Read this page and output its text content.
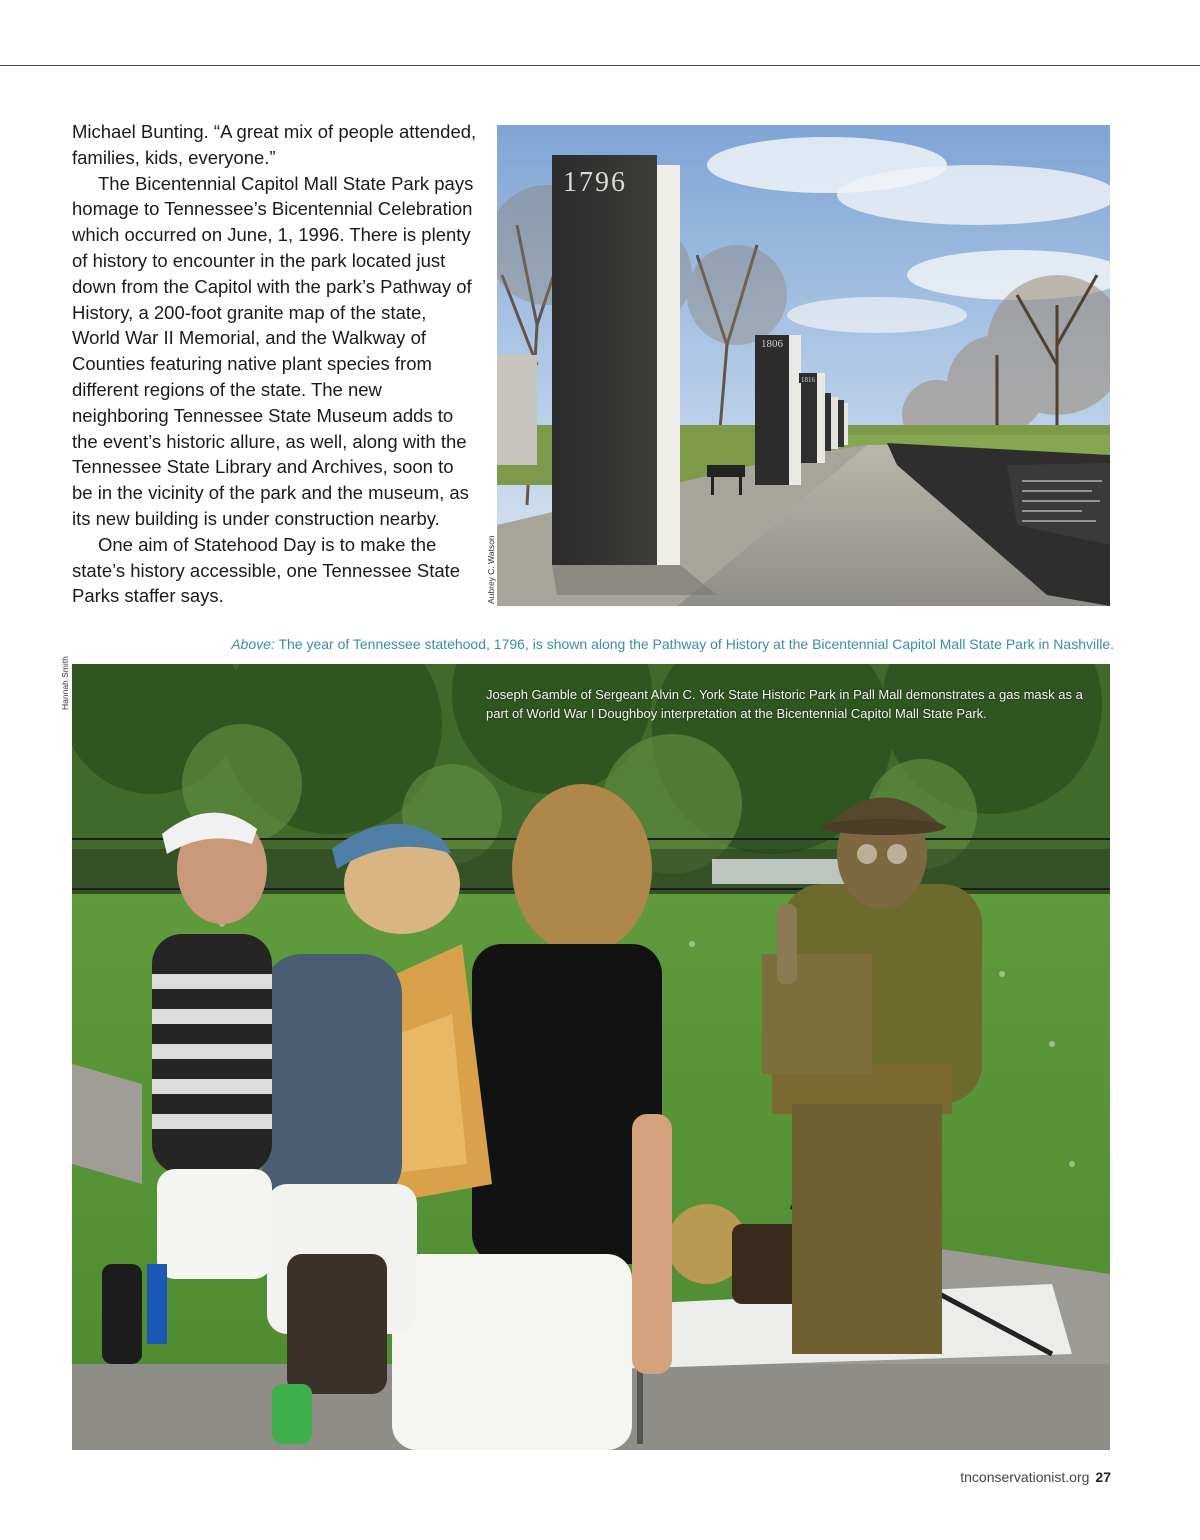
Michael Bunting. “A great mix of people attended, families, kids, everyone.”

The Bicentennial Capitol Mall State Park pays homage to Tennessee’s Bicentennial Celebration which occurred on June, 1, 1996. There is plenty of history to encounter in the park located just down from the Capitol with the park’s Pathway of History, a 200-foot granite map of the state, World War II Memorial, and the Walkway of Counties featuring native plant species from different regions of the state. The new neighboring Tennessee State Museum adds to the event’s historic allure, as well, along with the Tennessee State Library and Archives, soon to be in the vicinity of the park and the museum, as its new building is under construction nearby.

One aim of Statehood Day is to make the state’s history accessible, one Tennessee State Parks staffer says.

1806
1816
1796
Aubrey C. Watson
Above: The year of Tennessee statehood, 1796, is shown along the Pathway of History at the Bicentennial Capitol Mall State Park in Nashville.
Hannah Smith	Joseph Gamble of Sergeant Alvin C. York State Historic Park in Pall Mall demonstrates a gas mask as a part of World War I Doughboy interpretation at the Bicentennial Capitol Mall State Park.
tnconservationist.org 27
